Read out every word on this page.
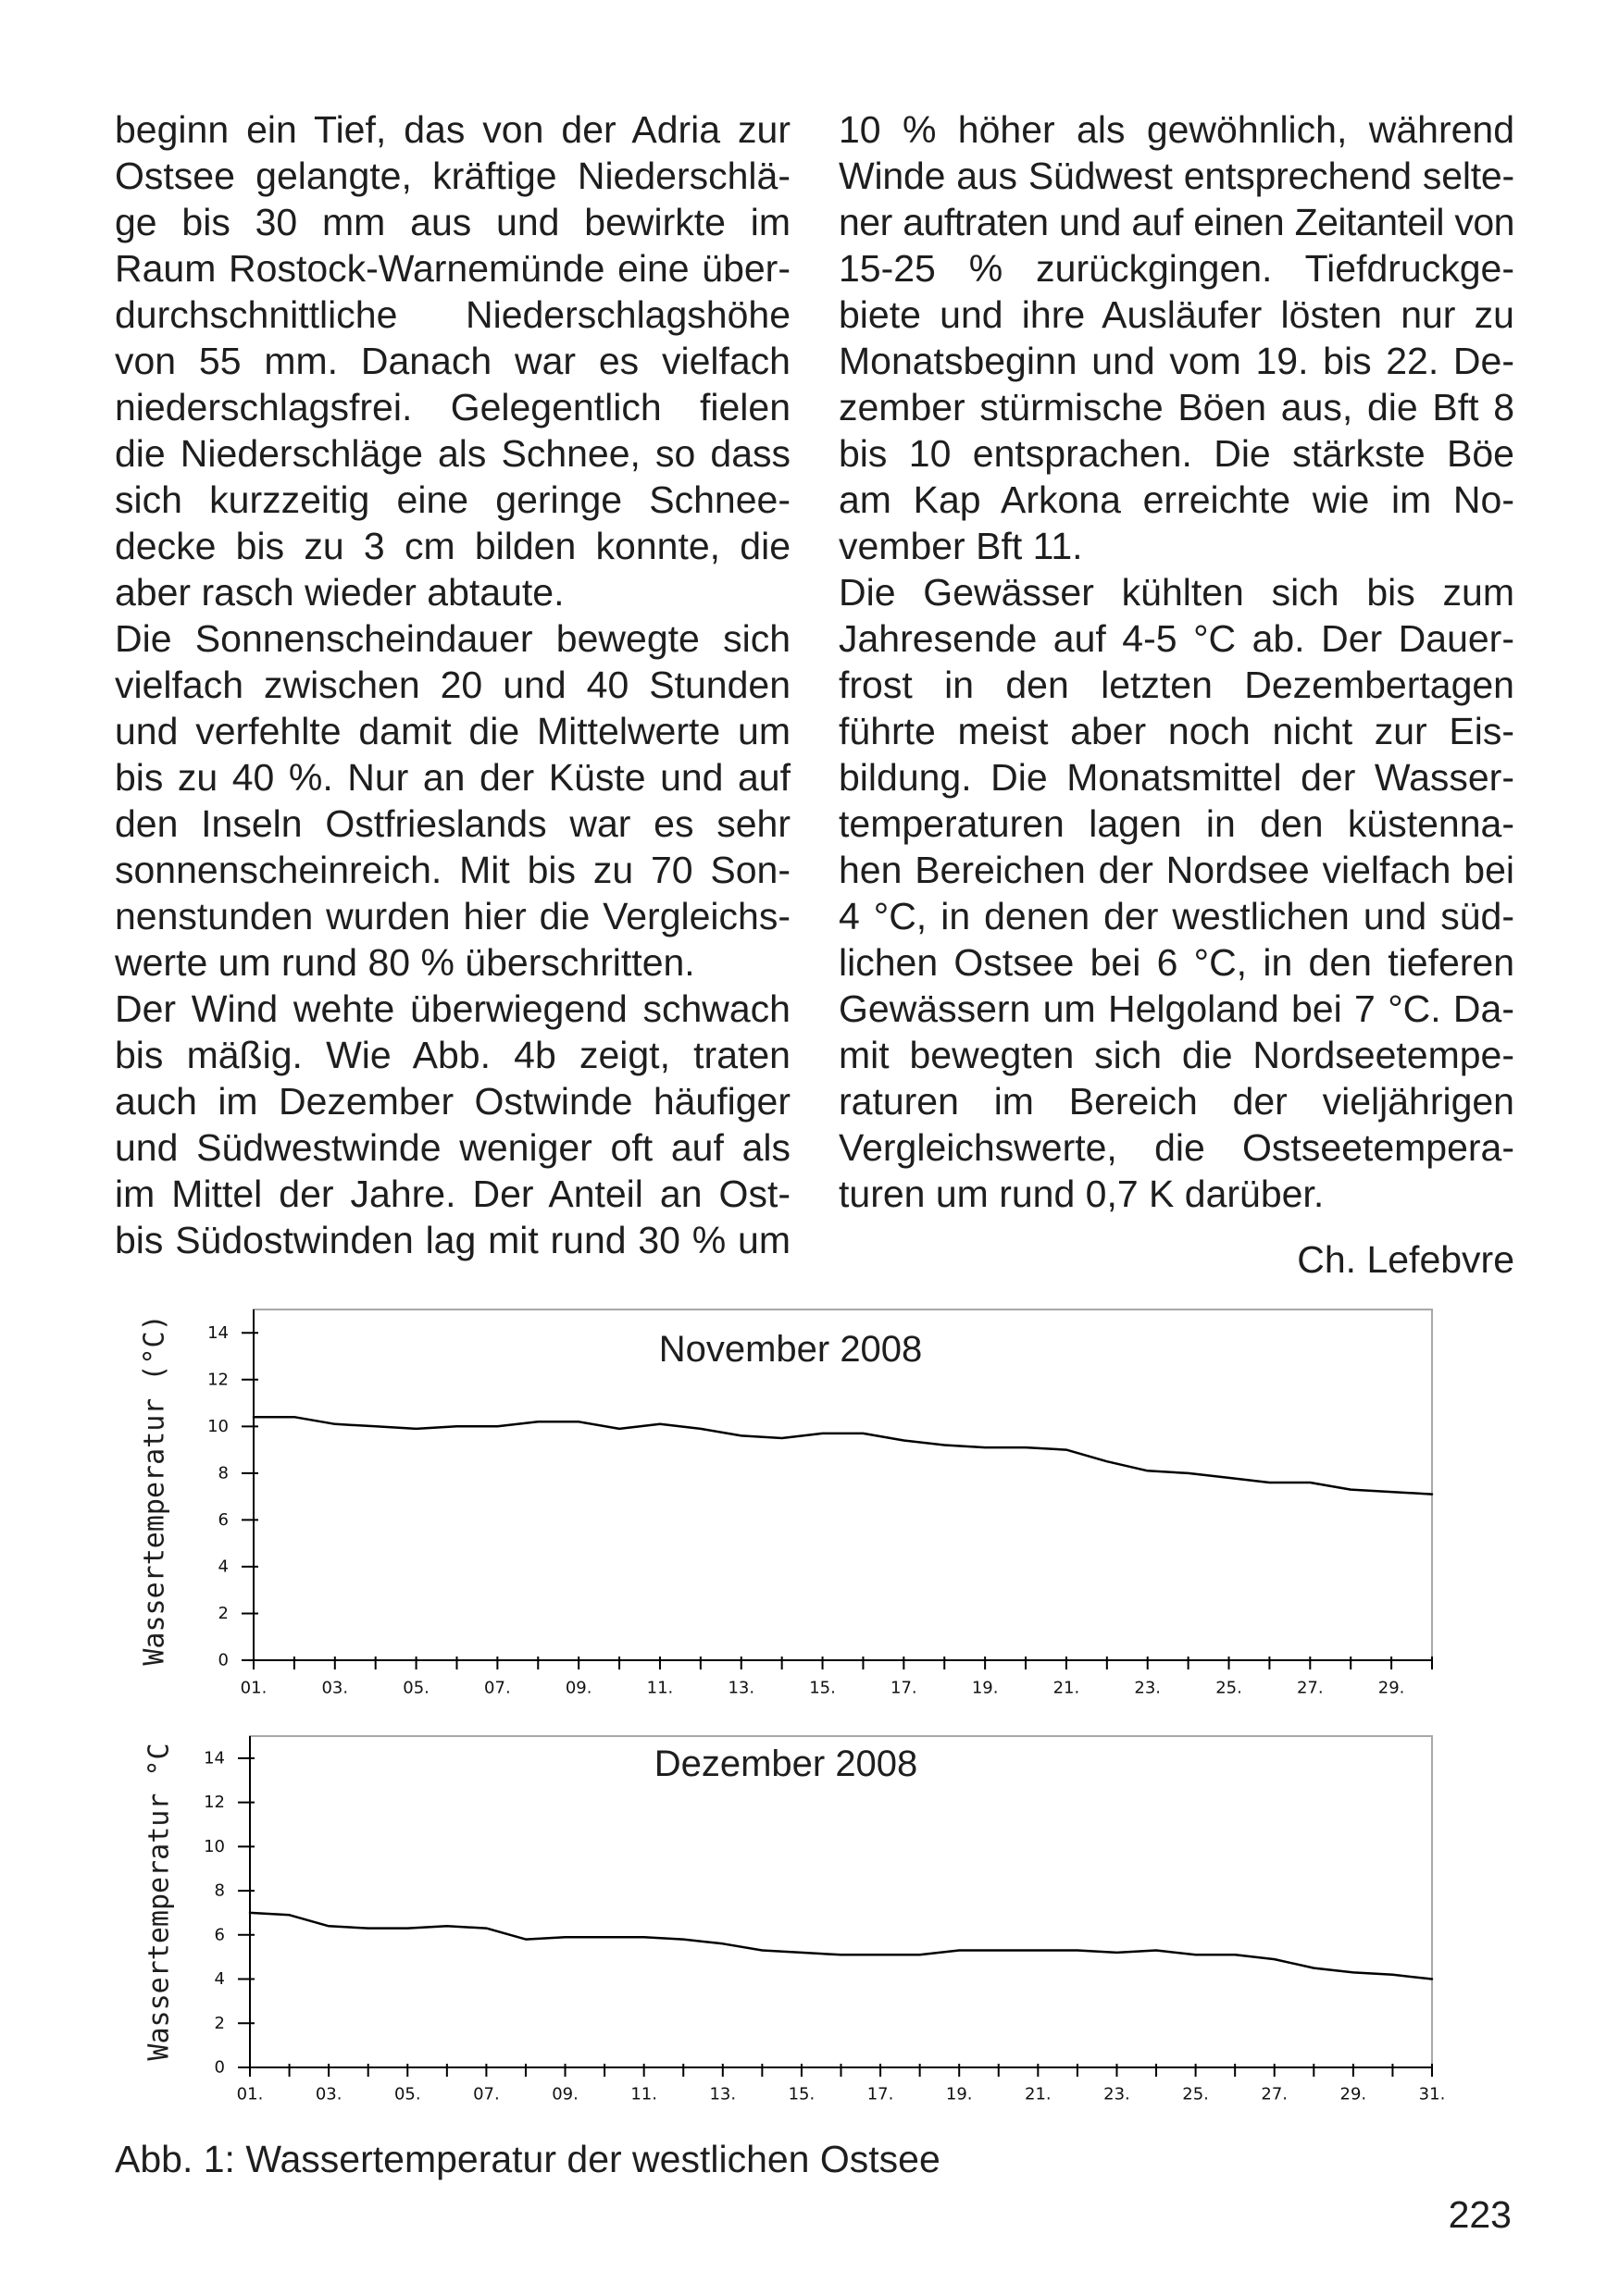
beginn ein Tief, das von der Adria zur
Ostsee gelangte, kräftige Niederschlä-
ge bis 30 mm aus und bewirkte im
Raum Rostock-Warnemünde eine über-
durchschnittliche Niederschlagshöhe
von 55 mm. Danach war es vielfach
niederschlagsfrei. Gelegentlich fielen
die Niederschläge als Schnee, so dass
sich kurzzeitig eine geringe Schnee-
decke bis zu 3 cm bilden konnte, die
aber rasch wieder abtaute.
Die Sonnenscheindauer bewegte sich
vielfach zwischen 20 und 40 Stunden
und verfehlte damit die Mittelwerte um
bis zu 40 %. Nur an der Küste und auf
den Inseln Ostfrieslands war es sehr
sonnenscheinreich. Mit bis zu 70 Son-
nenstunden wurden hier die Vergleichs-
werte um rund 80 % überschritten.
Der Wind wehte überwiegend schwach
bis mäßig. Wie Abb. 4b zeigt, traten
auch im Dezember Ostwinde häufiger
und Südwestwinde weniger oft auf als
im Mittel der Jahre. Der Anteil an Ost-
bis Südostwinden lag mit rund 30 % um
10 % höher als gewöhnlich, während
Winde aus Südwest entsprechend selte-
ner auftraten und auf einen Zeitanteil von
15-25 % zurückgingen. Tiefdruckge-
biete und ihre Ausläufer lösten nur zu
Monatsbeginn und vom 19. bis 22. De-
zember stürmische Böen aus, die Bft 8
bis 10 entsprachen. Die stärkste Böe
am Kap Arkona erreichte wie im No-
vember Bft 11.
Die Gewässer kühlten sich bis zum
Jahresende auf 4-5 °C ab. Der Dauer-
frost in den letzten Dezembertagen
führte meist aber noch nicht zur Eis-
bildung. Die Monatsmittel der Wasser-
temperaturen lagen in den küstenna-
hen Bereichen der Nordsee vielfach bei
4 °C, in denen der westlichen und süd-
lichen Ostsee bei 6 °C, in den tieferen
Gewässern um Helgoland bei 7 °C. Da-
mit bewegten sich die Nordseetempe-
raturen im Bereich der vieljährigen
Vergleichswerte, die Ostseetempera-
turen um rund 0,7 K darüber.
Ch. Lefebvre
01.	03.	05.	07.	09.	11.	13.	15.	17.	19.	21.	23.	25.	27.	29.
0
2
4
6
8
10
12
14	November 2008
Wassertemperatur (°C)
01.	03.	05.	07.	09.	11.	13.	15.	17.	19.	21.	23.	25.	27.	29.	31.
0
2
4
6
8
10
12
14	Dezember 2008
Wassertemperatur °C
Abb. 1: Wassertemperatur der westlichen Ostsee
223
